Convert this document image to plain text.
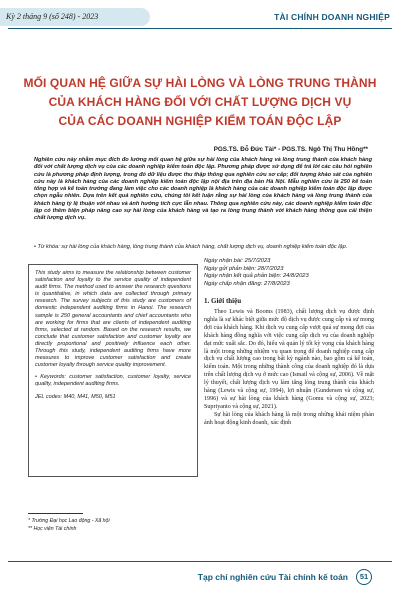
Kỳ 2 tháng 9 (số 248) - 2023	TÀI CHÍNH DOANH NGHIỆP
MỐI QUAN HỆ GIỮA SỰ HÀI LÒNG VÀ LÒNG TRUNG THÀNH
CỦA KHÁCH HÀNG ĐỐI VỚI CHẤT LƯỢNG DỊCH VỤ
CỦA CÁC DOANH NGHIỆP KIỂM TOÁN ĐỘC LẬP
PGS.TS. Đỗ Đức Tài* - PGS.TS. Ngô Thị Thu Hồng**
Nghiên cứu này nhằm mục đích đo lường mối quan hệ giữa sự hài lòng của khách hàng và lòng trung thành của khách hàng đối với chất lượng dịch vụ của các doanh nghiệp kiểm toán độc lập. Phương pháp được sử dụng để trả lời các câu hỏi nghiên cứu là phương pháp định lượng, trong đó dữ liệu được thu thập thông qua nghiên cứu sơ cấp; đối tượng khảo sát của nghiên cứu này là khách hàng của các doanh nghiệp kiểm toán độc lập nội địa trên địa bàn Hà Nội. Mẫu nghiên cứu là 250 kế toán tổng hợp và kế toán trưởng đang làm việc cho các doanh nghiệp là khách hàng của các doanh nghiệp kiểm toán độc lập được chọn ngẫu nhiên. Dựa trên kết quả nghiên cứu, chúng tôi kết luận rằng sự hài lòng của khách hàng và lòng trung thành của khách hàng tỷ lệ thuận với nhau và ảnh hưởng tích cực lẫn nhau. Thông qua nghiên cứu này, các doanh nghiệp kiểm toán độc lập có thêm biện pháp nâng cao sự hài lòng của khách hàng và tạo ra lòng trung thành với khách hàng thông qua cải thiện chất lượng dịch vụ.
• Từ khóa: sự hài lòng của khách hàng, lòng trung thành của khách hàng, chất lượng dịch vụ, doanh nghiệp kiểm toán độc lập.

This study aims to measure the relationship between customer satisfaction and loyalty to the service quality of independent audit firms. The method used to answer the research questions is quantitative, in which data are collected through primary research. The survey subjects of this study are customers of domestic independent auditing firms in Hanoi. The research sample is 250 general accountants and chief accountants who are working for firms that are clients of independent auditing firms, selected at random. Based on the research results, we conclude that customer satisfaction and customer loyalty are directly proportional and positively influence each other. Through this study, independent auditing firms have more measures to improve customer satisfaction and create customer loyalty through service quality improvement.

• Keywords: customer satisfaction, customer loyalty, service quality, independent auditing firms.

JEL codes: M40, M41, M50, M51

* Trường Đại học Lao động - Xã hội
** Học viện Tài chính
Ngày nhận bài: 25/7/2023
Ngày gửi phản biện: 28/7/2023
Ngày nhận kết quả phản biện: 24/8/2023
Ngày chấp nhận đăng: 27/8/2023
1. Giới thiệu

Theo Lewis và Booms (1983), chất lượng dịch vụ được định nghĩa là sự khác biệt giữa mức độ dịch vụ được cung cấp và sự mong đợi của khách hàng. Khi dịch vụ cung cấp vượt quá sự mong đợi của khách hàng đồng nghĩa với việc cung cấp dịch vụ của doanh nghiệp đạt mức xuất sắc. Do đó, hiểu và quản lý tốt kỳ vọng của khách hàng là một trong những nhiệm vụ quan trọng để doanh nghiệp cung cấp dịch vụ chất lượng cao trong bất kỳ ngành nào, bao gồm cả kế toán, kiểm toán. Một trong những thành công của doanh nghiệp đó là dựa trên chất lượng dịch vụ ở mức cao (Ismail và cộng sự, 2006). Về mặt lý thuyết, chất lượng dịch vụ làm tăng lòng trung thành của khách hàng (Lewis và cộng sự, 1994), lợi nhuận (Gundersen và cộng sự, 1996) và sự hài lòng của khách hàng (Gomu và cộng sự, 2023; Supriyanto và cộng sự, 2021).

Sự hài lòng của khách hàng là một trong những khái niệm phản ánh hoạt động kinh doanh, xác định

Tạp chí nghiên cứu Tài chính kế toán	51
